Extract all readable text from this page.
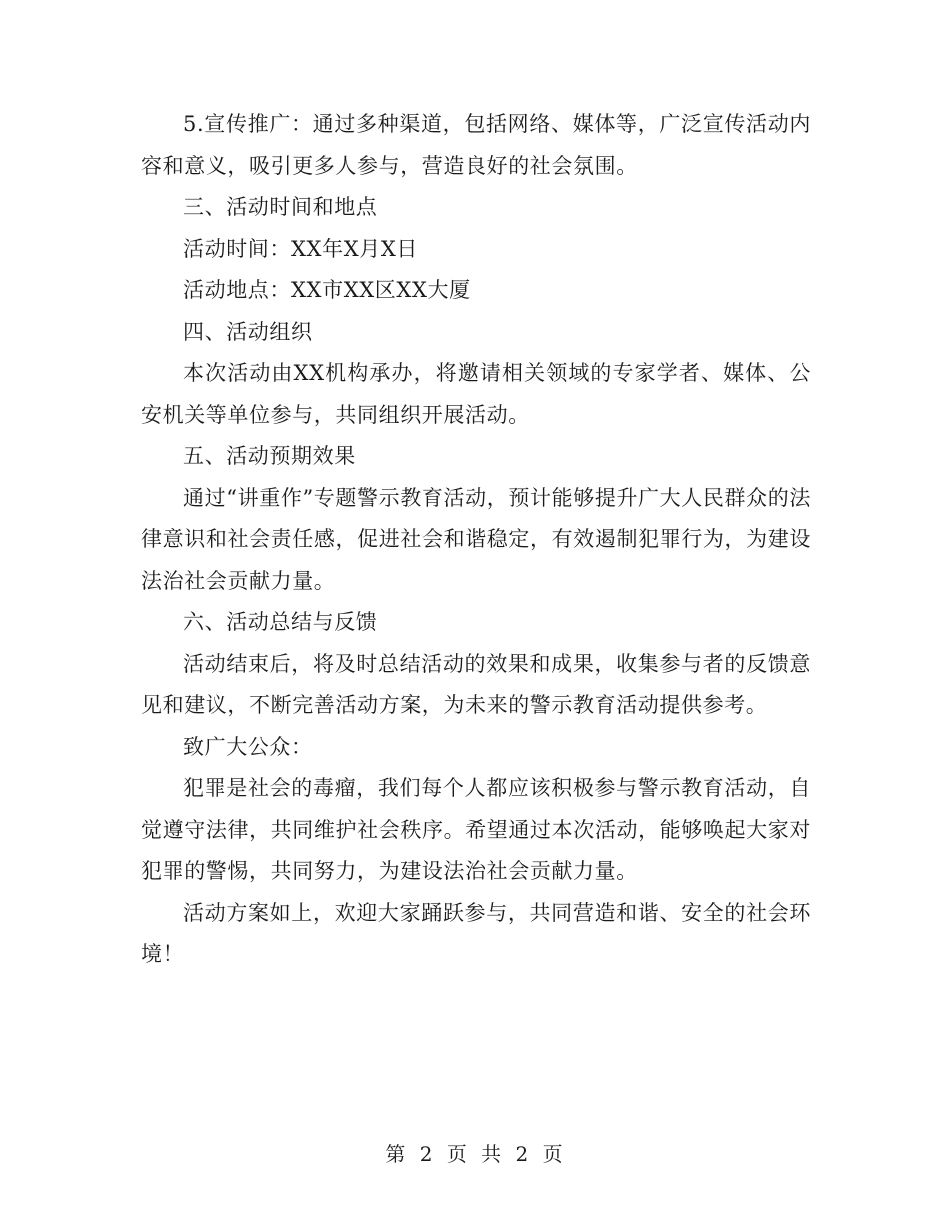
5.宣传推广：通过多种渠道，包括网络、媒体等，广泛宣传活动内容和意义，吸引更多人参与，营造良好的社会氛围。

三、活动时间和地点

活动时间：XX年X月X日

活动地点：XX市XX区XX大厦

四、活动组织

本次活动由XX机构承办，将邀请相关领域的专家学者、媒体、公安机关等单位参与，共同组织开展活动。

五、活动预期效果

通过“讲重作”专题警示教育活动，预计能够提升广大人民群众的法律意识和社会责任感，促进社会和谐稳定，有效遏制犯罪行为，为建设法治社会贡献力量。

六、活动总结与反馈

活动结束后，将及时总结活动的效果和成果，收集参与者的反馈意见和建议，不断完善活动方案，为未来的警示教育活动提供参考。

致广大公众：

犯罪是社会的毒瘤，我们每个人都应该积极参与警示教育活动，自觉遵守法律，共同维护社会秩序。希望通过本次活动，能够唤起大家对犯罪的警惕，共同努力，为建设法治社会贡献力量。

活动方案如上，欢迎大家踊跃参与，共同营造和谐、安全的社会环境！

第 2 页 共 2 页
